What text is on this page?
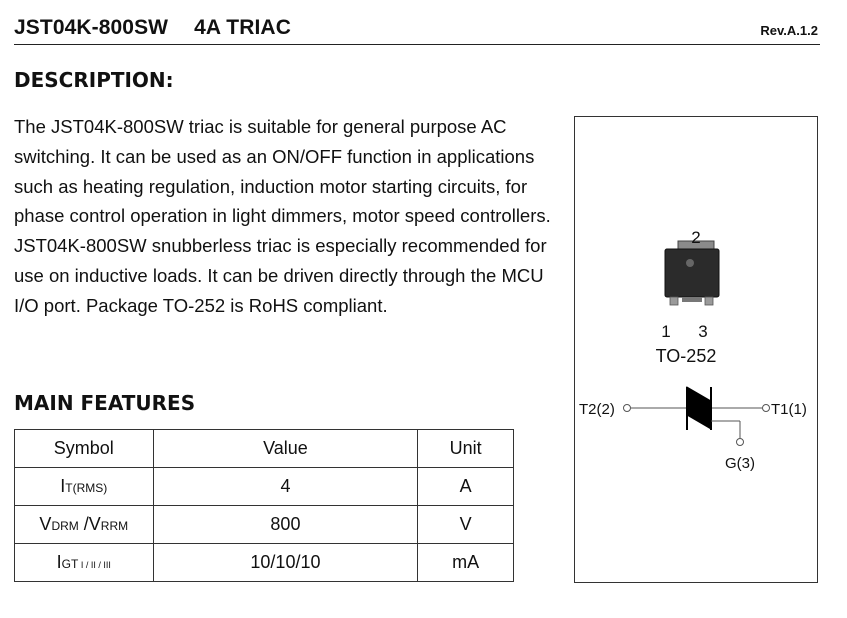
JST04K-800SW 4A TRIAC	Rev.A.1.2
DESCRIPTION:
The JST04K-800SW triac is suitable for general purpose AC switching. It can be used as an ON/OFF function in applications such as heating regulation, induction motor starting circuits, for phase control operation in light dimmers, motor speed controllers. JST04K-800SW snubberless triac is especially recommended for use on inductive loads. It can be driven directly through the MCU I/O port. Package TO-252 is RoHS compliant.
MAIN FEATURES
Symbol	Value	Unit
IT(RMS)	4	A
VDRM /VRRM	800	V
IGT I / II / III	10/10/10	mA
2
1 3
TO-252
T2(2)	T1(1)
G(3)
